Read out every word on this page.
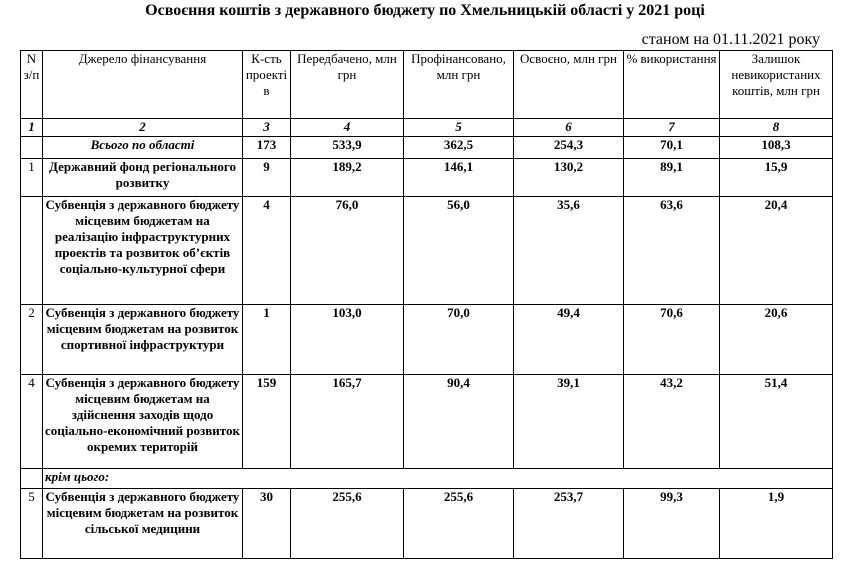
Освоєння коштів з державного бюджету по Хмельницькій області у 2021 році
станом на 01.11.2021 року
N з/п	Джерело фінансування	К-сть проекті в	Передбачено, млн грн	Профінансовано, млн грн	Освоєно, млн грн	% використання	Залишок невикористаних коштів, млн грн
1	2	3	4	5	6	7	8
	Всього по області	173	533,9	362,5	254,3	70,1	108,3
1	Державний фонд регіонального розвитку	9	189,2	146,1	130,2	89,1	15,9
	Субвенція з державного бюджету місцевим бюджетам на реалізацію інфраструктурних проектів та розвиток об’єктів соціально-культурної сфери	4	76,0	56,0	35,6	63,6	20,4
2	Субвенція з державного бюджету місцевим бюджетам на розвиток спортивної інфраструктури	1	103,0	70,0	49,4	70,6	20,6
4	Субвенція з державного бюджету місцевим бюджетам на здійснення заходів щодо соціально-економічний розвиток окремих територій	159	165,7	90,4	39,1	43,2	51,4
	крім цього:						
5	Субвенція з державного бюджету місцевим бюджетам на розвиток сільської медицини	30	255,6	255,6	253,7	99,3	1,9
